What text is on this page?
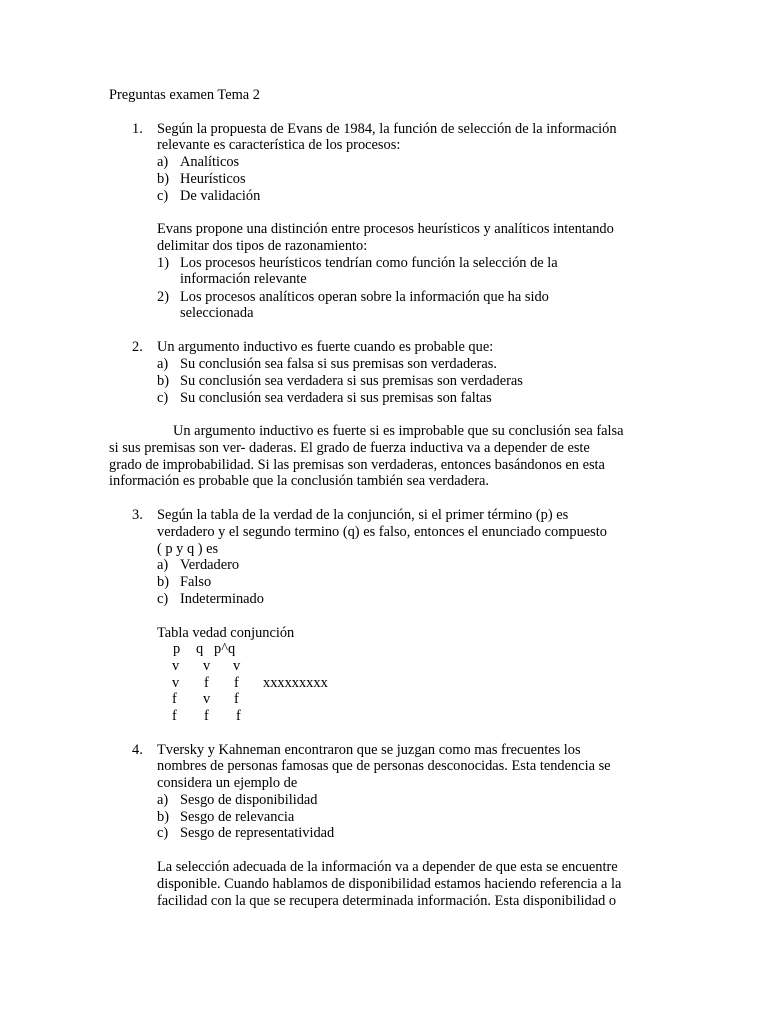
Preguntas examen Tema 2
1. Según la propuesta de Evans de 1984, la función de selección de la información
relevante es característica de los procesos:
a) Analíticos
b) Heurísticos
c) De validación
Evans propone una distinción entre procesos heurísticos y analíticos intentando
delimitar dos tipos de razonamiento:
1) Los procesos heurísticos tendrían como función la selección de la
información relevante
2) Los procesos analíticos operan sobre la información que ha sido
seleccionada
2. Un argumento inductivo es fuerte cuando es probable que:
a) Su conclusión sea falsa si sus premisas son verdaderas.
b) Su conclusión sea verdadera si sus premisas son verdaderas
c) Su conclusión sea verdadera si sus premisas son faltas
Un argumento inductivo es fuerte si es improbable que su conclusión sea falsa
si sus premisas son ver- daderas. El grado de fuerza inductiva va a depender de este
grado de improbabilidad. Si las premisas son verdaderas, entonces basándonos en esta
información es probable que la conclusión también sea verdadera.
3. Según la tabla de la verdad de la conjunción, si el primer término (p) es
verdadero y el segundo termino (q) es falso, entonces el enunciado compuesto
( p y q ) es
a) Verdadero
b) Falso
c) Indeterminado
Tabla vedad conjunción
p q p^q
v v v
v f f xxxxxxxxx
f v f
f f f
4. Tversky y Kahneman encontraron que se juzgan como mas frecuentes los
nombres de personas famosas que de personas desconocidas. Esta tendencia se
considera un ejemplo de
a) Sesgo de disponibilidad
b) Sesgo de relevancia
c) Sesgo de representatividad
La selección adecuada de la información va a depender de que esta se encuentre
disponible. Cuando hablamos de disponibilidad estamos haciendo referencia a la
facilidad con la que se recupera determinada información. Esta disponibilidad o
